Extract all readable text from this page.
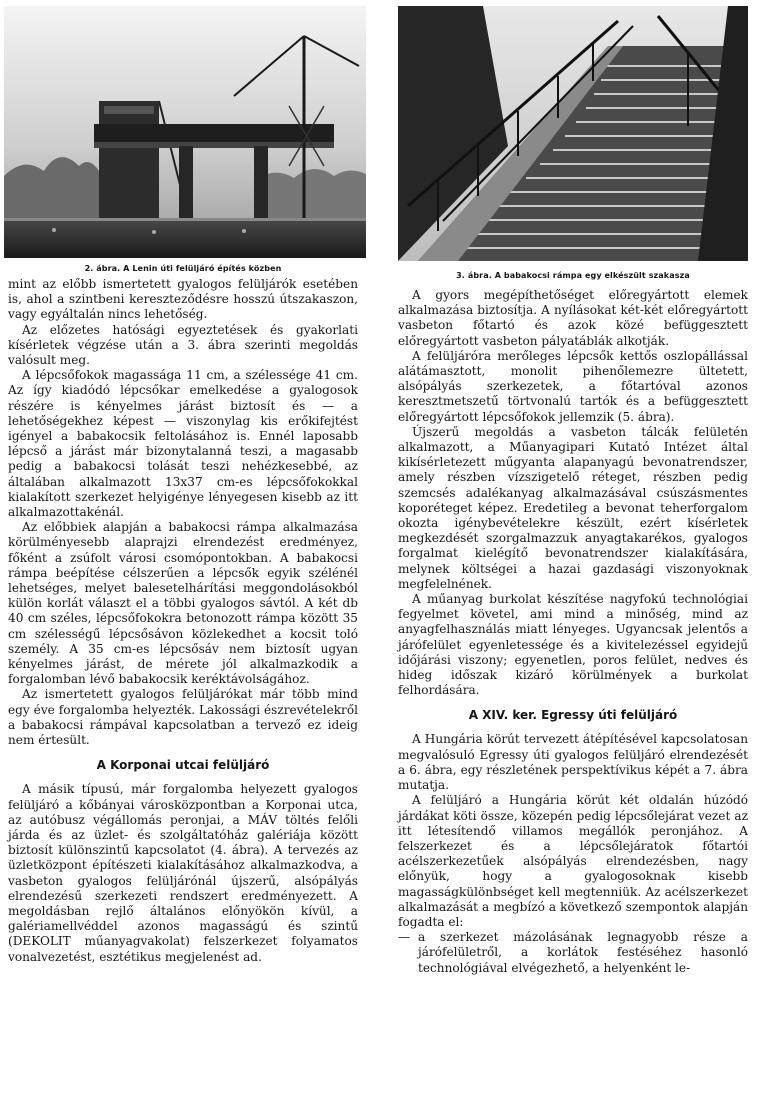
2. ábra. A Lenin úti felüljáró építés közben

mint az előbb ismertetett gyalogos felüljárók esetében is, ahol a szintbeni kereszteződésre hosszú útszakaszon, vagy egyáltalán nincs lehetőség.

Az előzetes hatósági egyeztetések és gyakorlati kísérletek végzése után a 3. ábra szerinti megoldás valósult meg.

A lépcsőfokok magassága 11 cm, a szélessége 41 cm. Az így kiadódó lépcsőkar emelkedése a gyalogosok részére is kényelmes járást biztosít és — a lehetőségekhez képest — viszonylag kis erőkifejtést igényel a babakocsik feltolásához is. Ennél laposabb lépcső a járást már bizonytalanná teszi, a magasabb pedig a babakocsi tolását teszi nehézkesebbé, az általában alkalmazott 13x37 cm-es lépcsőfokokkal kialakított szerkezet helyigénye lényegesen kisebb az itt alkalmazottakénál.

Az előbbiek alapján a babakocsi rámpa alkalmazása körülményesebb alaprajzi elrendezést eredményez, főként a zsúfolt városi csomópontokban. A babakocsi rámpa beépítése célszerűen a lépcsők egyik szélénél lehetséges, melyet balesetelhárítási meggondolásokból külön korlát választ el a többi gyalogos sávtól. A két db 40 cm széles, lépcsőfokokra betonozott rámpa között 35 cm szélességű lépcsősávon közlekedhet a kocsit toló személy. A 35 cm-es lépcsősáv nem biztosít ugyan kényelmes járást, de mérete jól alkalmazkodik a forgalomban lévő babakocsik keréktávolságához.

Az ismertetett gyalogos felüljárókat már több mind egy éve forgalomba helyezték. Lakossági észrevételekről a babakocsi rámpával kapcsolatban a tervező ez ideig nem értesült.

A Korponai utcai felüljáró

A másik típusú, már forgalomba helyezett gyalogos felüljáró a kőbányai városközpontban a Korponai utca, az autóbusz végállomás peronjai, a MÁV töltés felőli járda és az üzlet- és szolgáltatóház galériája között biztosít különszintű kapcsolatot (4. ábra). A tervezés az üzletközpont építészeti kialakításához alkalmazkodva, a vasbeton gyalogos felüljárónál újszerű, alsópályás elrendezésű szerkezeti rendszert eredményezett. A megoldásban rejlő általános előnyökön kívül, a galériamellvéddel azonos magasságú és szintű (DEKOLIT műanyagvakolat) felszerkezet folyamatos vonalvezetést, esztétikus megjelenést ad.

3. ábra. A babakocsi rámpa egy elkészült szakasza

A gyors megépíthetőséget előregyártott elemek alkalmazása biztosítja. A nyílásokat két-két előregyártott vasbeton főtartó és azok közé befüggesztett előregyártott vasbeton pályatáblák alkotják.

A felüljáróra merőleges lépcsők kettős oszlopállással alátámasztott, monolit pihenőlemezre ültetett, alsópályás szerkezetek, a főtartóval azonos keresztmetszetű törtvonalú tartók és a befüggesztett előregyártott lépcsőfokok jellemzik (5. ábra).

Újszerű megoldás a vasbeton tálcák felületén alkalmazott, a Műanyagipari Kutató Intézet által kikísérletezett műgyanta alapanyagú bevonatrendszer, amely részben vízszigetelő réteget, részben pedig szemcsés adalékanyag alkalmazásával csúszásmentes koporéteget képez. Eredetileg a bevonat teherforgalom okozta igénybevételekre készült, ezért kísérletek megkezdését szorgalmazzuk anyagtakarékos, gyalogos forgalmat kielégítő bevonatrendszer kialakítására, melynek költségei a hazai gazdasági viszonyoknak megfelelnének.

A műanyag burkolat készítése nagyfokú technológiai fegyelmet követel, ami mind a minőség, mind az anyagfelhasználás miatt lényeges. Ugyancsak jelentős a járófelület egyenletessége és a kivitelezéssel egyidejű időjárási viszony; egyenetlen, poros felület, nedves és hideg időszak kizáró körülmények a burkolat felhordására.

A XIV. ker. Egressy úti felüljáró

A Hungária körút tervezett átépítésével kapcsolatosan megvalósuló Egressy úti gyalogos felüljáró elrendezését a 6. ábra, egy részletének perspektívikus képét a 7. ábra mutatja.

A felüljáró a Hungária körút két oldalán húzódó járdákat köti össze, közepén pedig lépcsőlejárat vezet az itt létesítendő villamos megállók peronjához. A felszerkezet és a lépcsőlejáratok főtartói acélszerkezetűek alsópályás elrendezésben, nagy előnyük, hogy a gyalogosoknak kisebb magasságkülönbséget kell megtenniük. Az acélszerkezet alkalmazását a megbízó a következő szempontok alapján fogadta el:

— a szerkezet mázolásának legnagyobb része a járófelületről, a korlátok festéséhez hasonló technológiával elvégezhető, a helyenként le-
